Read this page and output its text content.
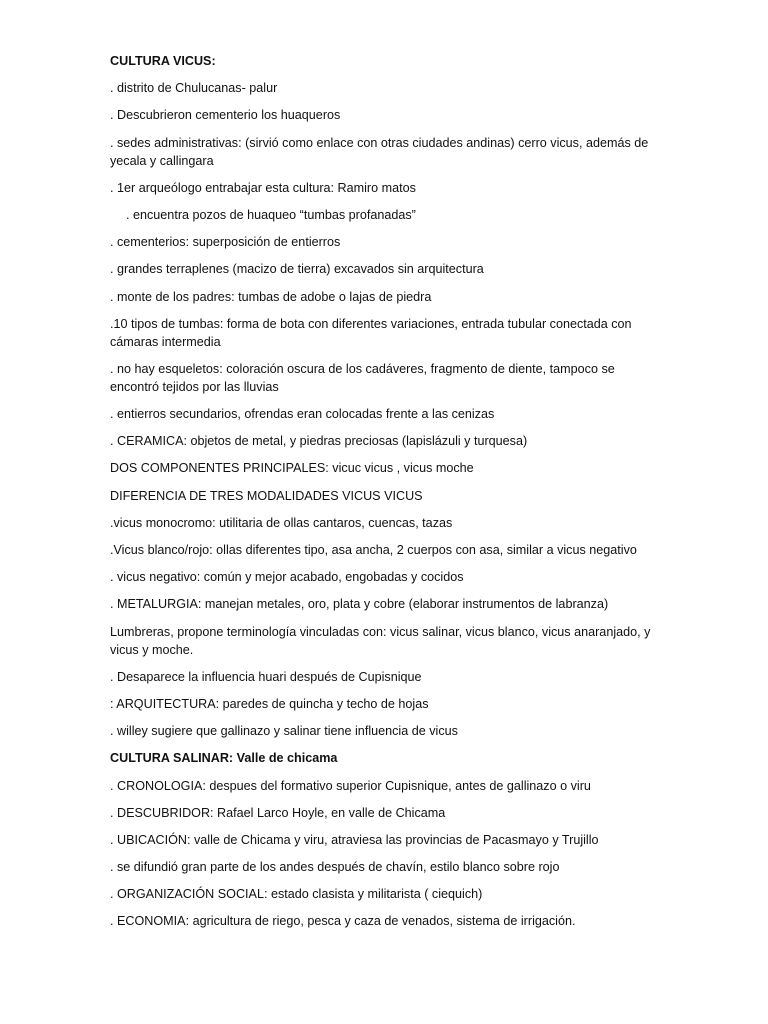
CULTURA VICUS:
. distrito de Chulucanas- palur
. Descubrieron cementerio los huaqueros
. sedes administrativas: (sirvió como enlace con otras ciudades andinas) cerro vicus, además de yecala y callingara
. 1er arqueólogo entrabajar esta cultura: Ramiro matos
. encuentra pozos de huaqueo “tumbas profanadas”
. cementerios: superposición de entierros
. grandes terraplenes (macizo de tierra) excavados sin arquitectura
. monte de los padres: tumbas de adobe o lajas de piedra
.10 tipos de tumbas: forma de bota con diferentes variaciones, entrada tubular conectada con cámaras intermedia
. no hay esqueletos: coloración oscura de los cadáveres, fragmento de diente, tampoco se encontró tejidos por las lluvias
. entierros secundarios, ofrendas eran colocadas frente a las cenizas
. CERAMICA: objetos de metal, y piedras preciosas (lapislázuli y turquesa)
DOS COMPONENTES PRINCIPALES: vicuc vicus , vicus moche
DIFERENCIA DE TRES MODALIDADES VICUS VICUS
.vicus monocromo: utilitaria de ollas cantaros, cuencas, tazas
.Vicus blanco/rojo: ollas diferentes tipo, asa ancha, 2 cuerpos con asa, similar a vicus negativo
. vicus negativo: común y mejor acabado, engobadas y cocidos
. METALURGIA: manejan metales, oro, plata y cobre (elaborar instrumentos de labranza)
Lumbreras, propone terminología vinculadas con: vicus salinar, vicus blanco, vicus anaranjado, y vicus y moche.
. Desaparece la influencia huari después de Cupisnique
: ARQUITECTURA: paredes de quincha y techo de hojas
. willey sugiere que gallinazo y salinar tiene influencia de vicus
CULTURA SALINAR: Valle de chicama
. CRONOLOGIA: despues del formativo superior Cupisnique, antes de gallinazo o viru
. DESCUBRIDOR: Rafael Larco Hoyle, en valle de Chicama
. UBICACIÓN: valle de Chicama y viru, atraviesa las provincias de Pacasmayo y Trujillo
. se difundió gran parte de los andes después de chavín, estilo blanco sobre rojo
. ORGANIZACIÓN SOCIAL: estado clasista y militarista ( ciequich)
. ECONOMIA: agricultura de riego, pesca y caza de venados, sistema de irrigación.
